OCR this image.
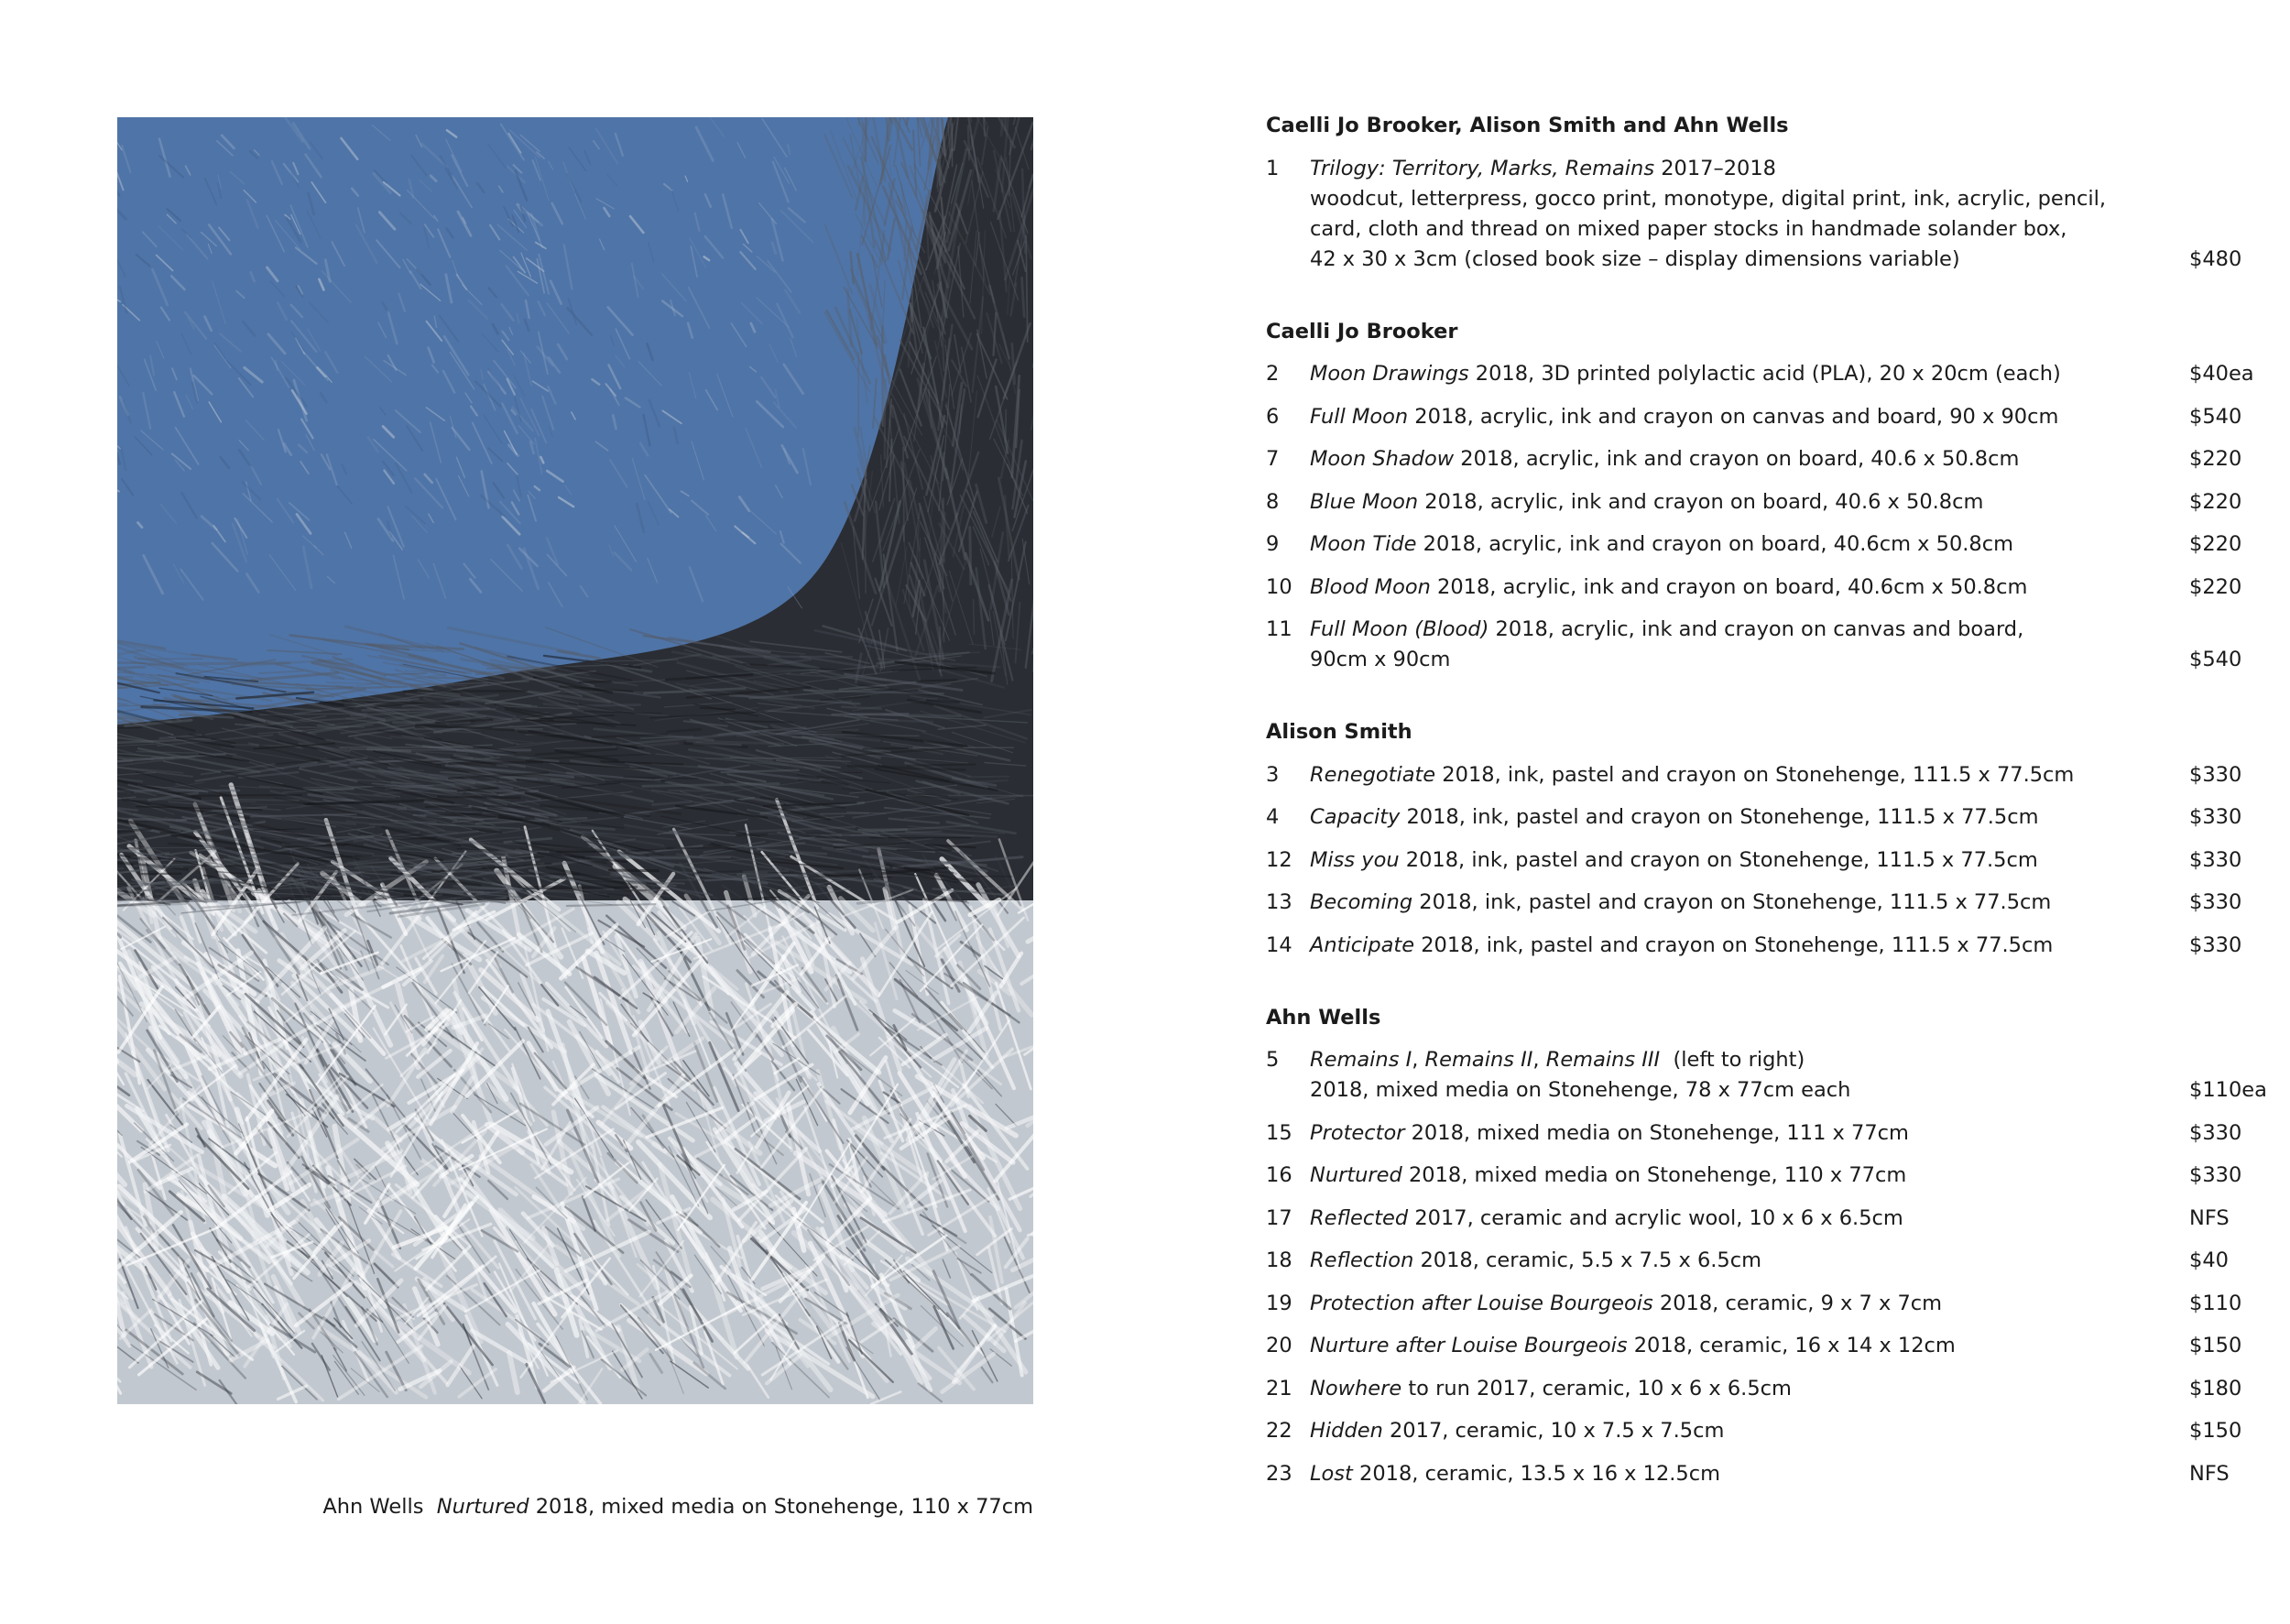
Ahn Wells Nurtured 2018, mixed media on Stonehenge, 110 x 77cm
Caelli Jo Brooker, Alison Smith and Ahn Wells
1	Trilogy: Territory, Marks, Remains 2017–2018
woodcut, letterpress, gocco print, monotype, digital print, ink, acrylic, pencil,
card, cloth and thread on mixed paper stocks in handmade solander box,
42 x 30 x 3cm (closed book size – display dimensions variable)	$480
Caelli Jo Brooker
2	Moon Drawings 2018, 3D printed polylactic acid (PLA), 20 x 20cm (each)	$40ea
6	Full Moon 2018, acrylic, ink and crayon on canvas and board, 90 x 90cm	$540
7	Moon Shadow 2018, acrylic, ink and crayon on board, 40.6 x 50.8cm	$220
8	Blue Moon 2018, acrylic, ink and crayon on board, 40.6 x 50.8cm	$220
9	Moon Tide 2018, acrylic, ink and crayon on board, 40.6cm x 50.8cm	$220
10 Blood Moon 2018, acrylic, ink and crayon on board, 40.6cm x 50.8cm	$220
11 Full Moon (Blood) 2018, acrylic, ink and crayon on canvas and board,
90cm x 90cm	$540
Alison Smith
3	Renegotiate 2018, ink, pastel and crayon on Stonehenge, 111.5 x 77.5cm	$330
4	Capacity 2018, ink, pastel and crayon on Stonehenge, 111.5 x 77.5cm	$330
12 Miss you 2018, ink, pastel and crayon on Stonehenge, 111.5 x 77.5cm	$330
13 Becoming 2018, ink, pastel and crayon on Stonehenge, 111.5 x 77.5cm	$330
14 Anticipate 2018, ink, pastel and crayon on Stonehenge, 111.5 x 77.5cm	$330
Ahn Wells
5	Remains I, Remains II, Remains III  (left to right)
2018, mixed media on Stonehenge, 78 x 77cm each	$110ea
15 Protector 2018, mixed media on Stonehenge, 111 x 77cm	$330
16 Nurtured 2018, mixed media on Stonehenge, 110 x 77cm	$330
17 Reflected 2017, ceramic and acrylic wool, 10 x 6 x 6.5cm	NFS
18 Reflection 2018, ceramic, 5.5 x 7.5 x 6.5cm	$40
19 Protection after Louise Bourgeois 2018, ceramic, 9 x 7 x 7cm	$110
20 Nurture after Louise Bourgeois 2018, ceramic, 16 x 14 x 12cm	$150
21 Nowhere to run 2017, ceramic, 10 x 6 x 6.5cm	$180
22 Hidden 2017, ceramic, 10 x 7.5 x 7.5cm	$150
23 Lost 2018, ceramic, 13.5 x 16 x 12.5cm	NFS
